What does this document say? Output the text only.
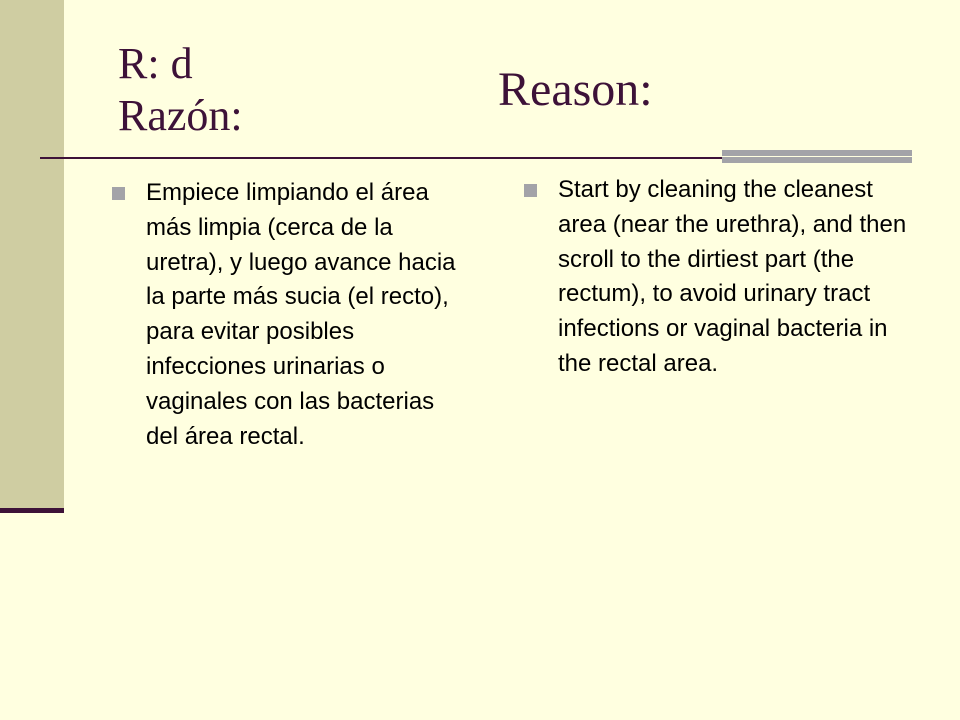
R: d
Razón:	Reason:
Empiece limpiando el área más limpia (cerca de la uretra), y luego avance hacia la parte más sucia (el recto), para evitar posibles infecciones urinarias o vaginales con las bacterias del área rectal.
Start by cleaning the cleanest area (near the urethra), and then scroll to the dirtiest part (the rectum), to avoid urinary tract infections or vaginal bacteria in the rectal area.
